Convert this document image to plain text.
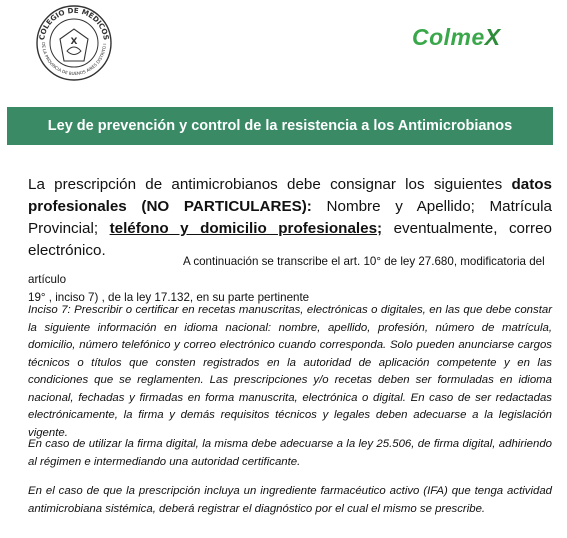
COLEGIO DE MÉDICOS
DE LA PROVINCIA DE BUENOS AIRES DISTRITO I
X	ColmeX
Ley de prevención y control de la resistencia a los Antimicrobianos

La prescripción de antimicrobianos debe consignar los siguientes datos profesionales (NO PARTICULARES): Nombre y Apellido; Matrícula Provincial; teléfono y domicilio profesionales; eventualmente, correo electrónico.

A continuación se transcribe el art. 10° de ley 27.680, modificatoria del artículo
19° , inciso 7) , de la ley 17.132, en su parte pertinente

Inciso 7: Prescribir o certificar en recetas manuscritas, electrónicas o digitales, en las que debe constar la siguiente información en idioma nacional: nombre, apellido, profesión, número de matrícula, domicilio, número telefónico y correo electrónico cuando corresponda. Solo pueden anunciarse cargos técnicos o títulos que consten registrados en la autoridad de aplicación competente y en las condiciones que se reglamenten. Las prescripciones y/o recetas deben ser formuladas en idioma nacional, fechadas y firmadas en forma manuscrita, electrónica o digital. En caso de ser redactadas electrónicamente, la firma y demás requisitos técnicos y legales deben adecuarse a la legislación vigente.

En caso de utilizar la firma digital, la misma debe adecuarse a la ley 25.506, de firma digital, adhiriendo al régimen e intermediando una autoridad certificante.

En el caso de que la prescripción incluya un ingrediente farmacéutico activo (IFA) que tenga actividad antimicrobiana sistémica, deberá registrar el diagnóstico por el cual el mismo se prescribe.
